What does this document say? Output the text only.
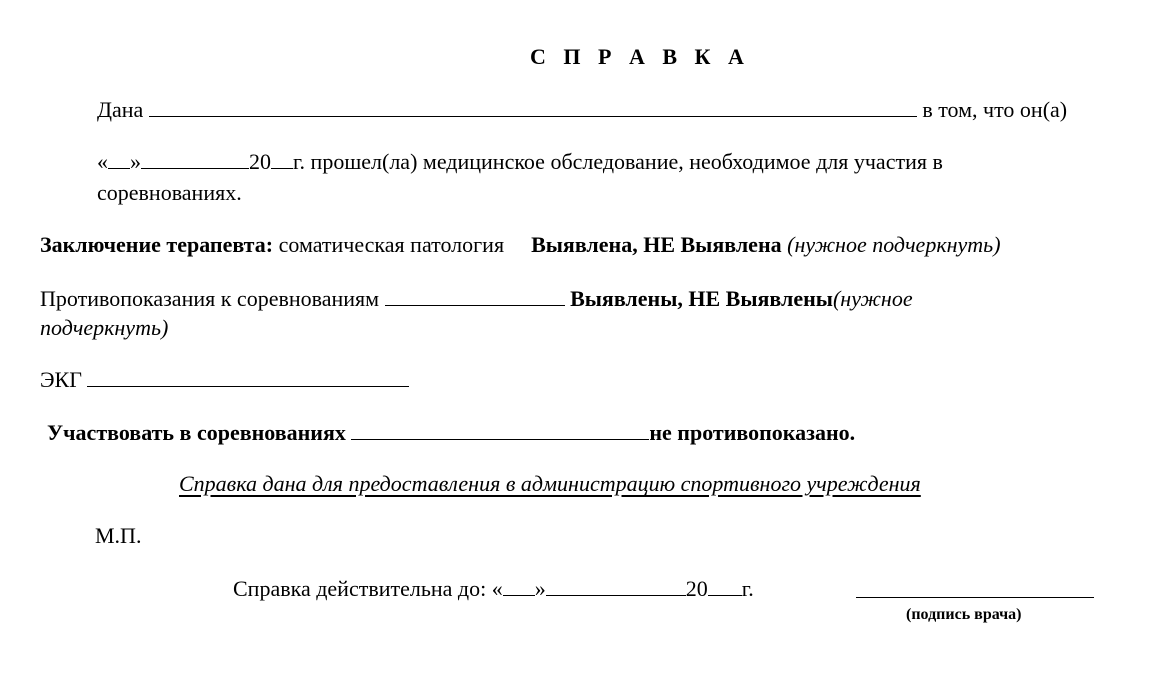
С П Р А В К А
Дана	в том, что он(а)
« »	20 г. прошел(ла) медицинское обследование, необходимое для участия в
соревнованиях.
Заключение терапевта: соматическая патология Выявлена, НЕ Выявлена (нужное подчеркнуть)
Противопоказания к соревнованиям	Выявлены, НЕ Выявлены(нужное
подчеркнуть)
ЭКГ
Участвовать в соревнованиях	не противопоказано.
Справка дана для предоставления в администрацию спортивного учреждения
М.П.
Справка действительна до: « »	20 г.
(подпись врача)
